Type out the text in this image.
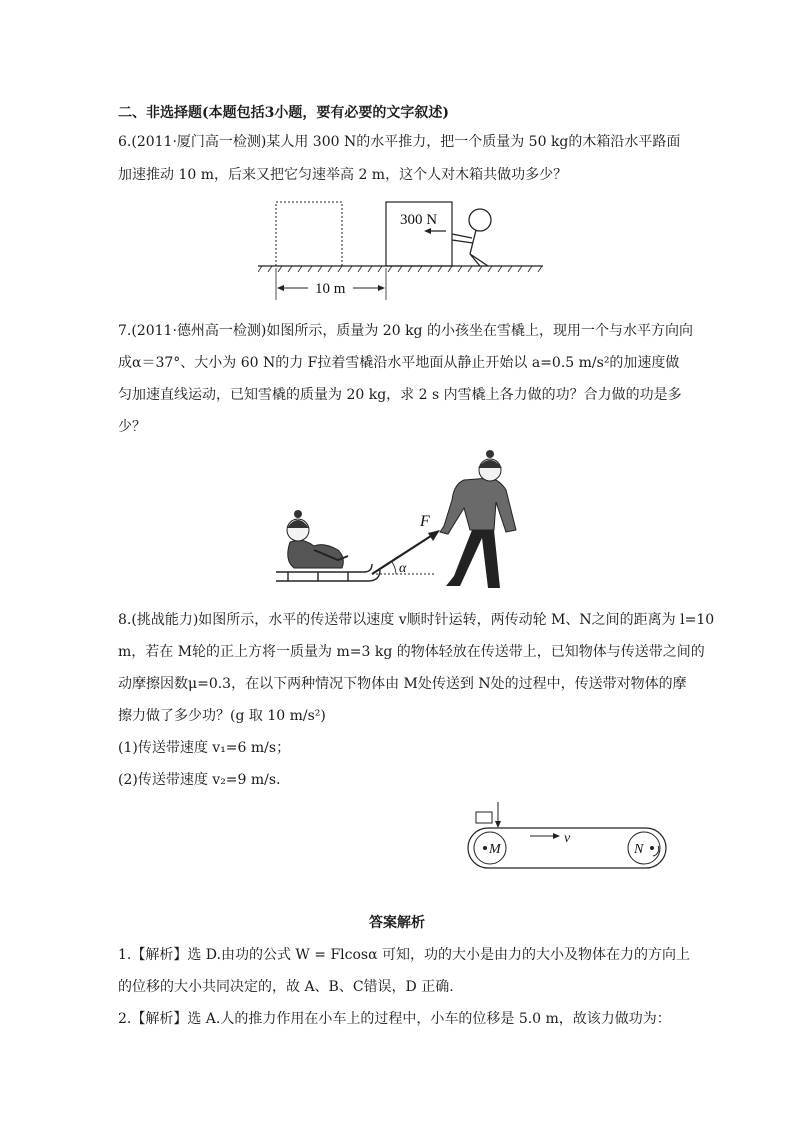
二、非选择题(本题包括3小题，要有必要的文字叙述)
6.(2011·厦门高一检测)某人用 300 N的水平推力，把一个质量为 50 kg的木箱沿水平路面
加速推动 10 m，后来又把它匀速举高 2 m，这个人对木箱共做功多少？
300 N
10 m
7.(2011·德州高一检测)如图所示，质量为 20 kg 的小孩坐在雪橇上，现用一个与水平方向向
成α＝37°、大小为 60 N的力 F拉着雪橇沿水平地面从静止开始以 a=0.5 m/s²的加速度做
匀加速直线运动，已知雪橇的质量为 20 kg，求 2 s 内雪橇上各力做的功？合力做的功是多
少？
F
α
8.(挑战能力)如图所示，水平的传送带以速度 v顺时针运转，两传动轮 M、N之间的距离为 l=10
m，若在 M轮的正上方将一质量为 m=3 kg 的物体轻放在传送带上，已知物体与传送带之间的
动摩擦因数μ=0.3，在以下两种情况下物体由 M处传送到 N处的过程中，传送带对物体的摩
擦力做了多少功？(g 取 10 m/s²)
(1)传送带速度 v₁=6 m/s；
(2)传送带速度 v₂=9 m/s.
M	N
v
答案解析
1.【解析】选 D.由功的公式 W = Flcosα 可知，功的大小是由力的大小及物体在力的方向上
的位移的大小共同决定的，故 A、B、C错误，D 正确.
2.【解析】选 A.人的推力作用在小车上的过程中，小车的位移是 5.0 m，故该力做功为：
